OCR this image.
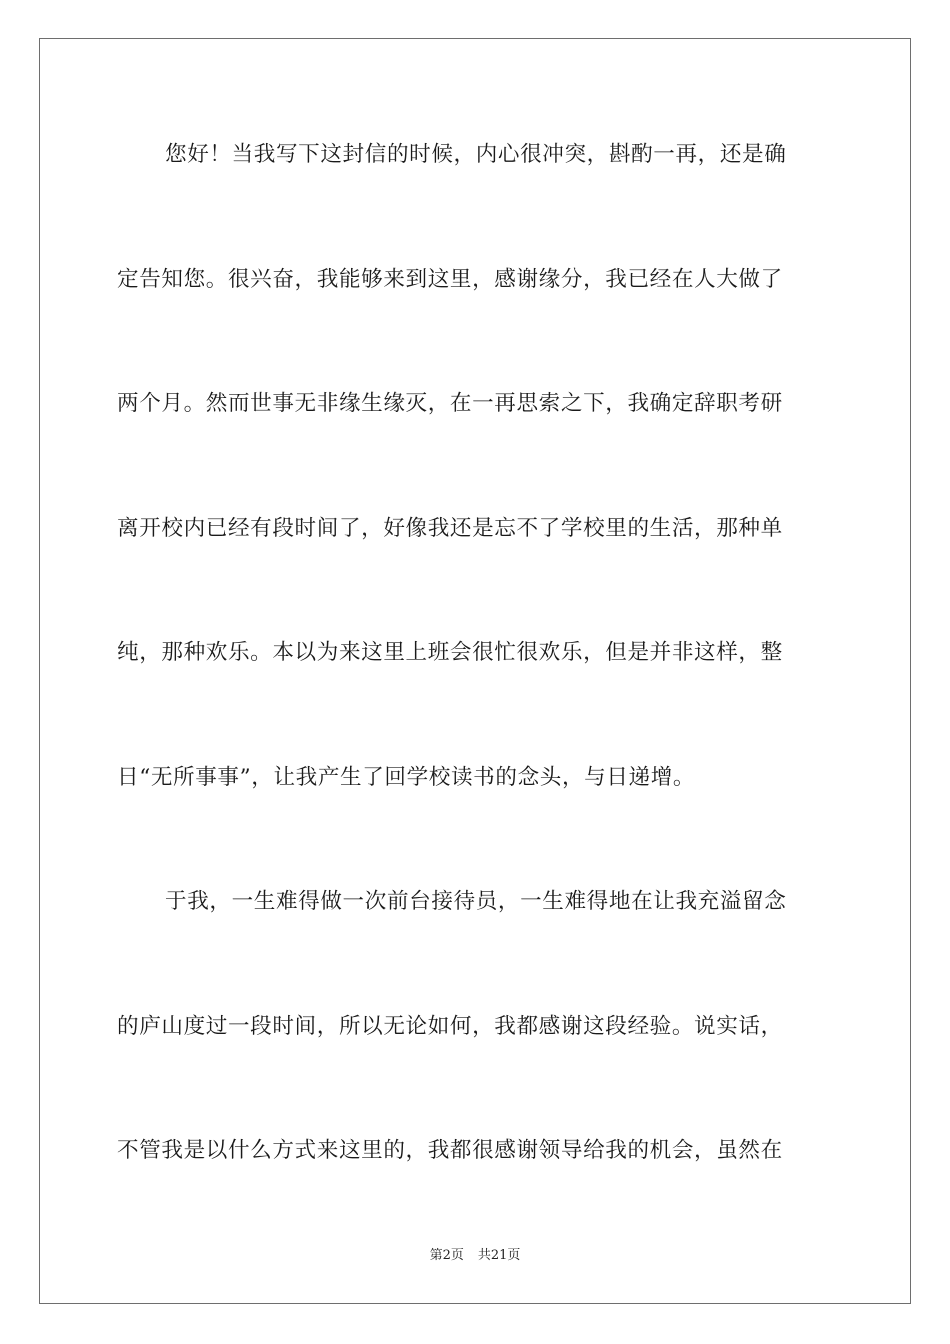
您好！当我写下这封信的时候，内心很冲突，斟酌一再，还是确

定告知您。很兴奋，我能够来到这里，感谢缘分，我已经在人大做了

两个月。然而世事无非缘生缘灭，在一再思索之下，我确定辞职考研

离开校内已经有段时间了，好像我还是忘不了学校里的生活，那种单

纯，那种欢乐。本以为来这里上班会很忙很欢乐，但是并非这样，整

日“无所事事”，让我产生了回学校读书的念头，与日递增。

于我，一生难得做一次前台接待员，一生难得地在让我充溢留念

的庐山度过一段时间，所以无论如何，我都感谢这段经验。说实话，

不管我是以什么方式来这里的，我都很感谢领导给我的机会，虽然在

第2页 共21页
